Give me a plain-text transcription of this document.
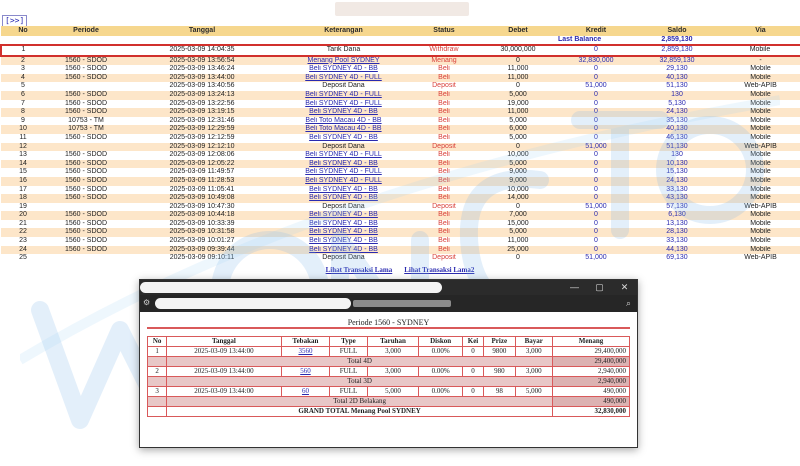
[>>]
No	Periode	Tanggal	Keterangan	Status	Debet	Kredit	Saldo	Via
						Last Balance	2,859,130	
1		2025-03-09 14:04:35	Tarik Dana	Withdraw	30,000,000	0	2,859,130	Mobile
2	1560 - SDOD	2025-03-09 13:56:54	Menang Pool SYDNEY	Menang	0	32,830,000	32,859,130	-
3	1560 - SDOD	2025-03-09 13:46:24	Beli SYDNEY 4D - BB	Beli	11,000	0	29,130	Mobile
4	1560 - SDOD	2025-03-09 13:44:00	Beli SYDNEY 4D - FULL	Beli	11,000	0	40,130	Mobile
5		2025-03-09 13:40:56	Deposit Dana	Deposit	0	51,000	51,130	Web-APIB
6	1560 - SDOD	2025-03-09 13:24:13	Beli SYDNEY 4D - FULL	Beli	5,000	0	130	Mobile
7	1560 - SDOD	2025-03-09 13:22:56	Beli SYDNEY 4D - FULL	Beli	19,000	0	5,130	Mobile
8	1560 - SDOD	2025-03-09 13:19:15	Beli SYDNEY 4D - BB	Beli	11,000	0	24,130	Mobile
9	10753 - TM	2025-03-09 12:31:46	Beli Toto Macau 4D - BB	Beli	5,000	0	35,130	Mobile
10	10753 - TM	2025-03-09 12:29:59	Beli Toto Macau 4D - BB	Beli	6,000	0	40,130	Mobile
11	1560 - SDOD	2025-03-09 12:12:59	Beli SYDNEY 4D - BB	Beli	5,000	0	46,130	Mobile
12		2025-03-09 12:12:10	Deposit Dana	Deposit	0	51,000	51,130	Web-APIB
13	1560 - SDOD	2025-03-09 12:08:06	Beli SYDNEY 4D - FULL	Beli	10,000	0	130	Mobile
14	1560 - SDOD	2025-03-09 12:05:22	Beli SYDNEY 4D - BB	Beli	5,000	0	10,130	Mobile
15	1560 - SDOD	2025-03-09 11:49:57	Beli SYDNEY 4D - FULL	Beli	9,000	0	15,130	Mobile
16	1560 - SDOD	2025-03-09 11:28:53	Beli SYDNEY 4D - FULL	Beli	9,000	0	24,130	Mobile
17	1560 - SDOD	2025-03-09 11:05:41	Beli SYDNEY 4D - BB	Beli	10,000	0	33,130	Mobile
18	1560 - SDOD	2025-03-09 10:49:08	Beli SYDNEY 4D - BB	Beli	14,000	0	43,130	Mobile
19		2025-03-09 10:47:30	Deposit Dana	Deposit	0	51,000	57,130	Web-APIB
20	1560 - SDOD	2025-03-09 10:44:18	Beli SYDNEY 4D - BB	Beli	7,000	0	6,130	Mobile
21	1560 - SDOD	2025-03-09 10:33:39	Beli SYDNEY 4D - BB	Beli	15,000	0	13,130	Mobile
22	1560 - SDOD	2025-03-09 10:31:58	Beli SYDNEY 4D - BB	Beli	5,000	0	28,130	Mobile
23	1560 - SDOD	2025-03-09 10:01:27	Beli SYDNEY 4D - BB	Beli	11,000	0	33,130	Mobile
24	1560 - SDOD	2025-03-09 09:39:44	Beli SYDNEY 4D - BB	Beli	25,000	0	44,130	Mobile
25		2025-03-09 09:10:11	Deposit Dana	Deposit	0	51,000	69,130	Web-APIB
Lihat Transaksi Lama Lihat Transaksi Lama2
—	▢	✕
⚙	⌕
Periode 1560 - SYDNEY
No	Tanggal	Tebakan	Type	Taruhan	Diskon	Kei	Prize	Bayar	Menang
1	2025-03-09 13:44:00	3560	FULL	3,000	0.00%	0	9800	3,000	29,400,000
	Total 4D								29,400,000
2	2025-03-09 13:44:00	560	FULL	3,000	0.00%	0	980	3,000	2,940,000
	Total 3D								2,940,000
3	2025-03-09 13:44:00	60	FULL	5,000	0.00%	0	98	5,000	490,000
	Total 2D Belakang								490,000
	GRAND TOTAL Menang Pool SYDNEY								32,830,000
